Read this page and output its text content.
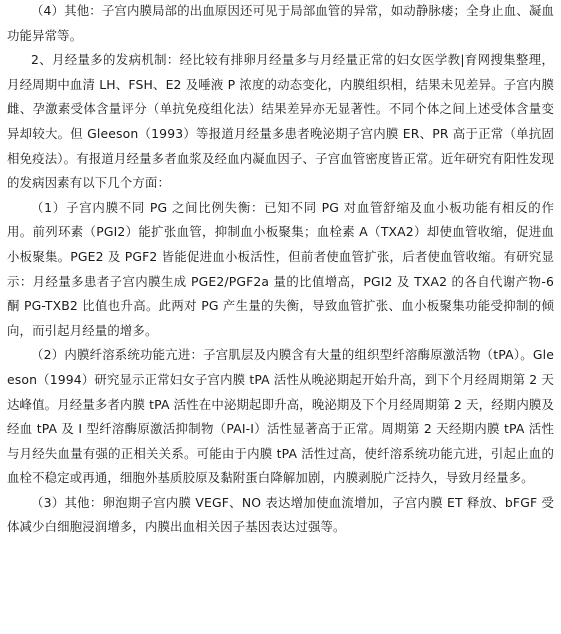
（4）其他：子宫内膜局部的出血原因还可见于局部血管的异常，如动静脉瘘；全身止血、凝血功能异常等。

2、月经量多的发病机制：经比较有排卵月经量多与月经量正常的妇女医学教|育网搜集整理，月经周期中血清 LH、FSH、E2 及唾液 P 浓度的动态变化，内膜组织相，结果未见差异。子宫内膜雌、孕激素受体含量评分（单抗免疫组化法）结果差异亦无显著性。不同个体之间上述受体含量变异却较大。但 Gleeson（1993）等报道月经量多患者晚泌期子宫内膜 ER、PR 高于正常（单抗固相免疫法）。有报道月经量多者血浆及经血内凝血因子、子宫血管密度皆正常。近年研究有阳性发现的发病因素有以下几个方面：

（1）子宫内膜不同 PG 之间比例失衡：已知不同 PG 对血管舒缩及血小板功能有相反的作用。前列环素（PGI2）能扩张血管，抑制血小板聚集；血栓素 A（TXA2）却使血管收缩，促进血小板聚集。PGE2 及 PGF2 皆能促进血小板活性，但前者使血管扩张，后者使血管收缩。有研究显示：月经量多患者子宫内膜生成 PGE2/PGF2a 量的比值增高，PGI2 及 TXA2 的各自代谢产物-6 酮 PG-TXB2 比值也升高。此两对 PG 产生量的失衡，导致血管扩张、血小板聚集功能受抑制的倾向，而引起月经量的增多。

（2）内膜纤溶系统功能亢进：子宫肌层及内膜含有大量的组织型纤溶酶原激活物（tPA）。Gleeson（1994）研究显示正常妇女子宫内膜 tPA 活性从晚泌期起开始升高，到下个月经周期第 2 天达峰值。月经量多者内膜 tPA 活性在中泌期起即升高，晚泌期及下个月经周期第 2 天，经期内膜及经血 tPA 及 I 型纤溶酶原激活抑制物（PAI-I）活性显著高于正常。周期第 2 天经期内膜 tPA 活性与月经失血量有强的正相关关系。可能由于内膜 tPA 活性过高，使纤溶系统功能亢进，引起止血的血栓不稳定或再通，细胞外基质胶原及黏附蛋白降解加剧，内膜剥脱广泛持久，导致月经量多。

（3）其他：卵泡期子宫内膜 VEGF、NO 表达增加使血流增加，子宫内膜 ET 释放、bFGF 受体减少白细胞浸润增多，内膜出血相关因子基因表达过强等。
